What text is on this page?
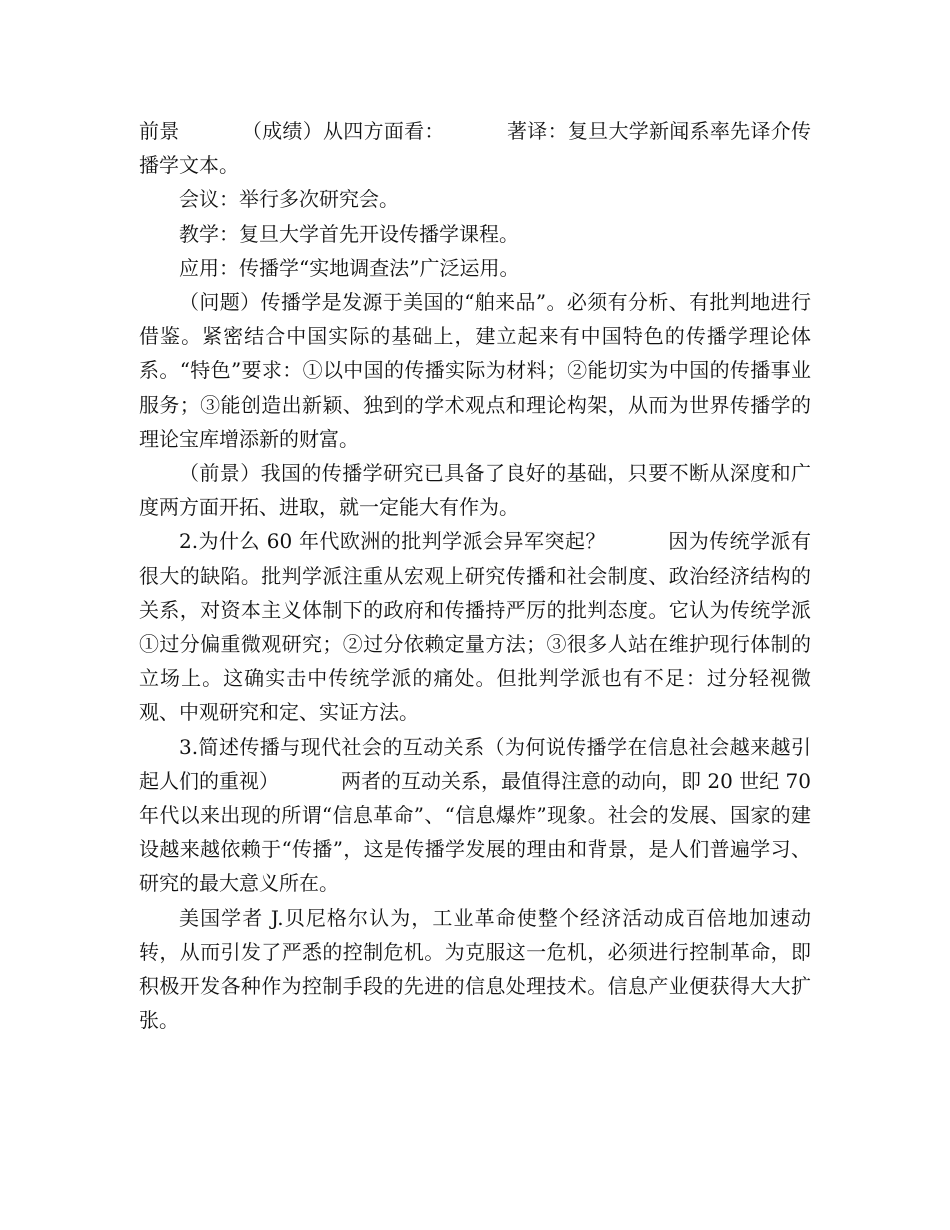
前景	（成绩）从四方面看：	著译：复旦大学新闻系率先译介传播学文本。

会议：举行多次研究会。

教学：复旦大学首先开设传播学课程。

应用：传播学“实地调查法”广泛运用。

（问题）传播学是发源于美国的“舶来品”。必须有分析、有批判地进行借鉴。紧密结合中国实际的基础上，建立起来有中国特色的传播学理论体系。“特色”要求：①以中国的传播实际为材料；②能切实为中国的传播事业服务；③能创造出新颖、独到的学术观点和理论构架，从而为世界传播学的理论宝库增添新的财富。

（前景）我国的传播学研究已具备了良好的基础，只要不断从深度和广度两方面开拓、进取，就一定能大有作为。

2.为什么 60 年代欧洲的批判学派会异军突起？	因为传统学派有很大的缺陷。批判学派注重从宏观上研究传播和社会制度、政治经济结构的关系，对资本主义体制下的政府和传播持严厉的批判态度。它认为传统学派①过分偏重微观研究；②过分依赖定量方法；③很多人站在维护现行体制的立场上。这确实击中传统学派的痛处。但批判学派也有不足：过分轻视微观、中观研究和定、实证方法。

3.简述传播与现代社会的互动关系（为何说传播学在信息社会越来越引起人们的重视）	两者的互动关系，最值得注意的动向，即 20 世纪 70 年代以来出现的所谓“信息革命”、“信息爆炸”现象。社会的发展、国家的建设越来越依赖于“传播”，这是传播学发展的理由和背景，是人们普遍学习、研究的最大意义所在。

美国学者 J.贝尼格尔认为，工业革命使整个经济活动成百倍地加速动转，从而引发了严悉的控制危机。为克服这一危机，必须进行控制革命，即积极开发各种作为控制手段的先进的信息处理技术。信息产业便获得大大扩张。
